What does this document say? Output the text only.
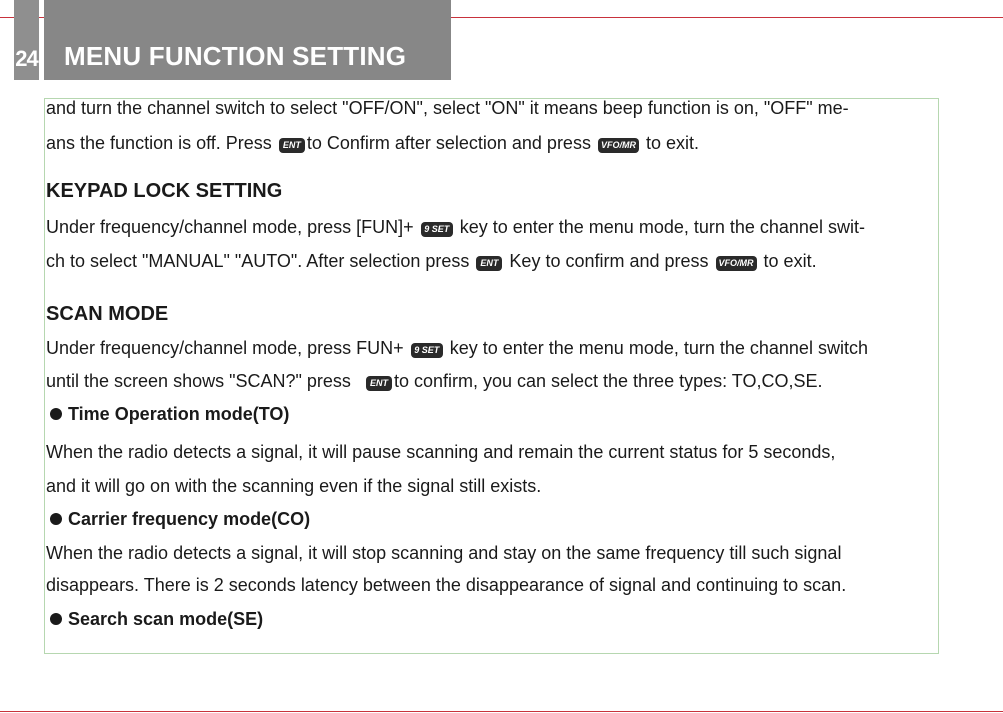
24	MENU FUNCTION SETTING
and turn the channel switch to select "OFF/ON", select "ON" it means beep function is on, "OFF" me-
ans the function is off. Press ENT to Confirm after selection and press VFO/MR to exit.
KEYPAD LOCK SETTING
Under frequency/channel mode, press [FUN]+ 9 SET key to enter the menu mode, turn the channel swit-
ch to select "MANUAL" "AUTO". After selection press ENT Key to confirm and press VFO/MR to exit.
SCAN MODE
Under frequency/channel mode, press FUN+ 9 SET key to enter the menu mode, turn the channel switch
until the screen shows "SCAN?" press ENT to confirm, you can select the three types: TO,CO,SE.
Time Operation mode(TO)
When the radio detects a signal, it will pause scanning and remain the current status for 5 seconds,
and it will go on with the scanning even if the signal still exists.
Carrier frequency mode(CO)
When the radio detects a signal, it will stop scanning and stay on the same frequency till such signal
disappears. There is 2 seconds latency between the disappearance of signal and continuing to scan.
Search scan mode(SE)
